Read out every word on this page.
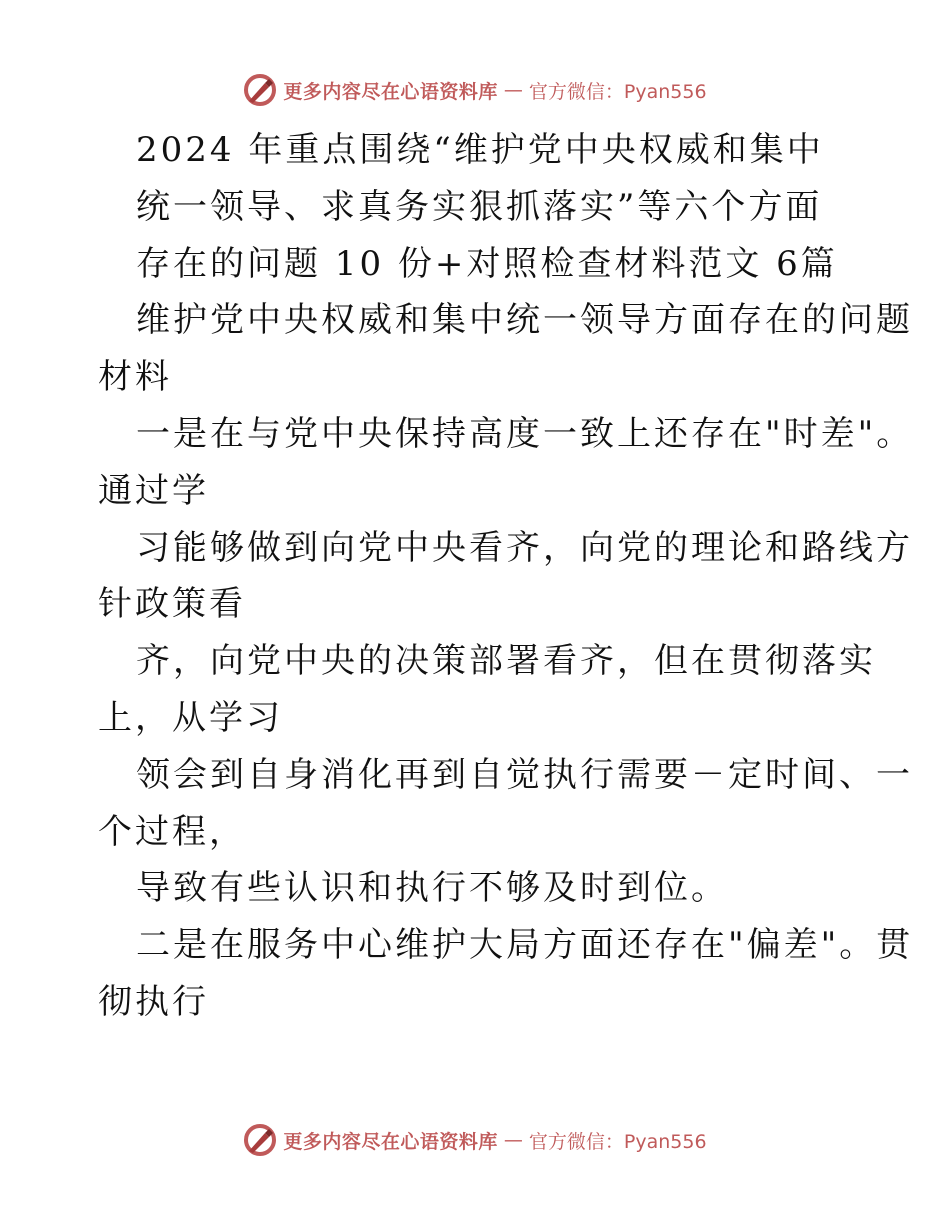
更多内容尽在心语资料库 — 官方微信：Pyan556
2024 年重点围绕“维护党中央权威和集中
统一领导、求真务实狠抓落实”等六个方面
存在的问题 10 份+对照检查材料范文 6篇
维护党中央权威和集中统一领导方面存在的问题
材料
一是在与党中央保持高度一致上还存在"时差"。
通过学
习能够做到向党中央看齐，向党的理论和路线方
针政策看
齐，向党中央的决策部署看齐，但在贯彻落实
上，从学习
领会到自身消化再到自觉执行需要－定时间、一
个过程，
导致有些认识和执行不够及时到位。
二是在服务中心维护大局方面还存在"偏差"。贯
彻执行
更多内容尽在心语资料库 — 官方微信：Pyan556
